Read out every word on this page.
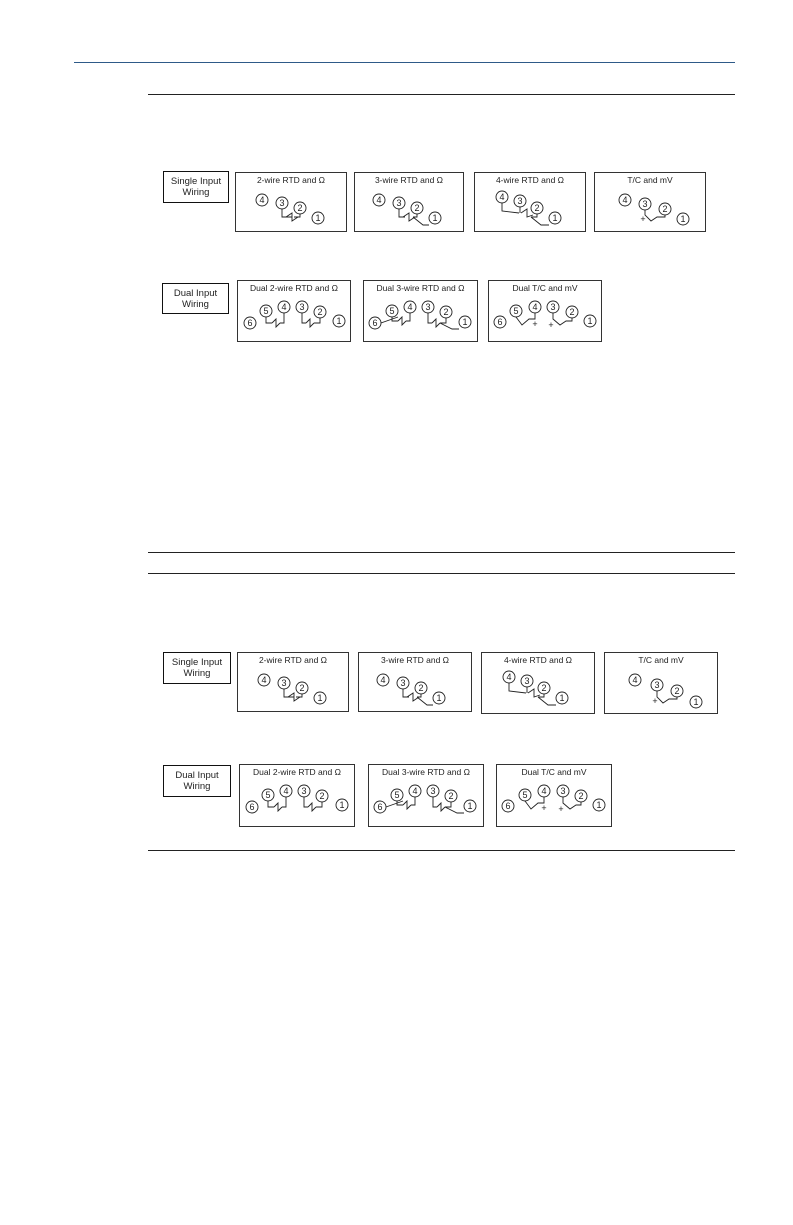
Single Input
Wiring
2-wire RTD and Ω
4 3 2
1
3-wire RTD and Ω
4 3 2
1
4-wire RTD and Ω
4 3
2
1
T/C and mV
4 3 2
1
+
Dual Input
Wiring
Dual 2-wire RTD and Ω
6
5 4 3 2
1
Dual 3-wire RTD and Ω
6
5 4 3 2
1
Dual T/C and mV
6
5 4 3 2
1
+ +
Single Input
Wiring
2-wire RTD and Ω
4 3 2
1
3-wire RTD and Ω
4 3 2
1
4-wire RTD and Ω
4 3
2
1
T/C and mV
4 3
2
1
+
Dual Input
Wiring
Dual 2-wire RTD and Ω
6
5 4 3 2
1
Dual 3-wire RTD and Ω
6
5 4 3 2
1
Dual T/C and mV
6
5 4 3 2
1
+ +
